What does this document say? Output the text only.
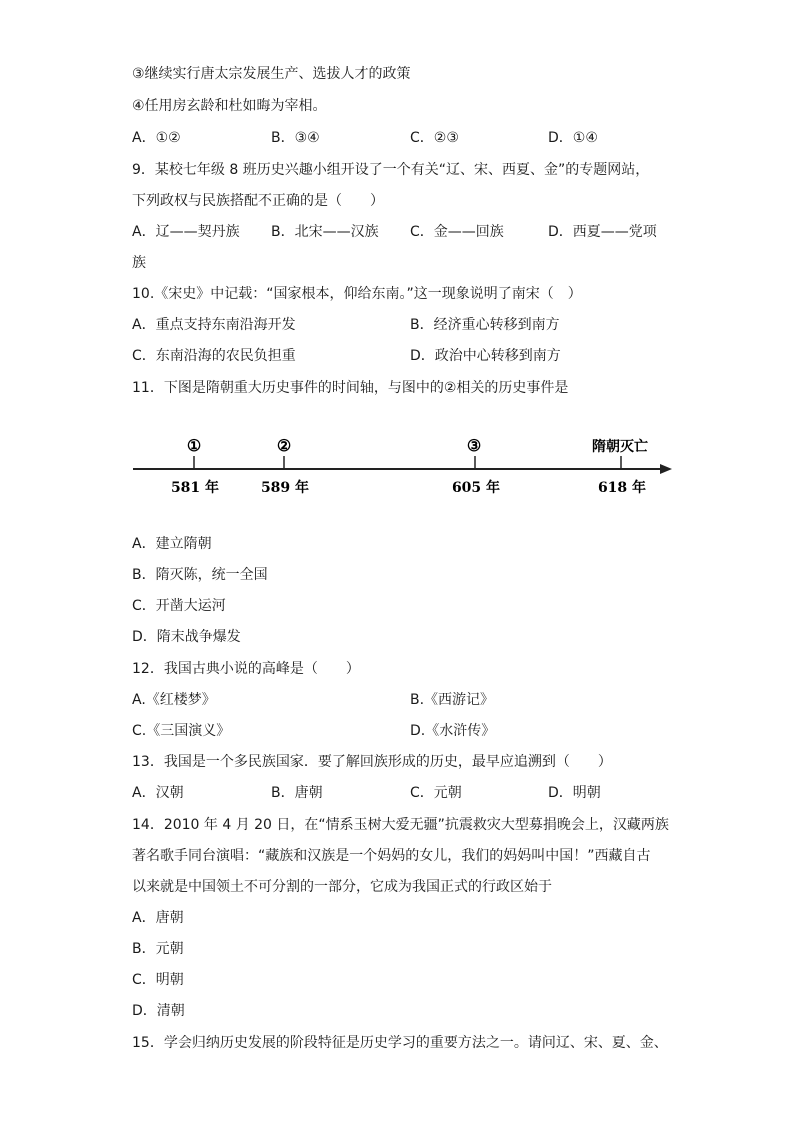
③继续实行唐太宗发展生产、选拔人才的政策
④任用房玄龄和杜如晦为宰相。
A．①②	B．③④	C．②③	D．①④
9．某校七年级 8 班历史兴趣小组开设了一个有关“辽、宋、西夏、金”的专题网站，
下列政权与民族搭配不正确的是（　　）
A．辽——契丹族 B．北宋——汉族 C．金——回族	D．西夏——党项
族
10.《宋史》中记载：“国家根本，仰给东南。”这一现象说明了南宋（　）
A．重点支持东南沿海开发	B．经济重心转移到南方
C．东南沿海的农民负担重	D．政治中心转移到南方
11．下图是隋朝重大历史事件的时间轴，与图中的②相关的历史事件是
①	②	③	隋朝灭亡
581 年	589 年	605 年	618 年
A．建立隋朝
B．隋灭陈，统一全国
C．开凿大运河
D．隋末战争爆发
12．我国古典小说的高峰是（　　）
A.《红楼梦》	B.《西游记》
C.《三国演义》	D.《水浒传》
13．我国是一个多民族国家．要了解回族形成的历史，最早应追溯到（　　）
A．汉朝	B．唐朝	C．元朝	D．明朝
14．2010 年 4 月 20 日，在“情系玉树大爱无疆”抗震救灾大型募捐晚会上，汉藏两族
著名歌手同台演唱：“藏族和汉族是一个妈妈的女儿，我们的妈妈叫中国！”西藏自古
以来就是中国领土不可分割的一部分，它成为我国正式的行政区始于
A．唐朝
B．元朝
C．明朝
D．清朝
15．学会归纳历史发展的阶段特征是历史学习的重要方法之一。请问辽、宋、夏、金、
